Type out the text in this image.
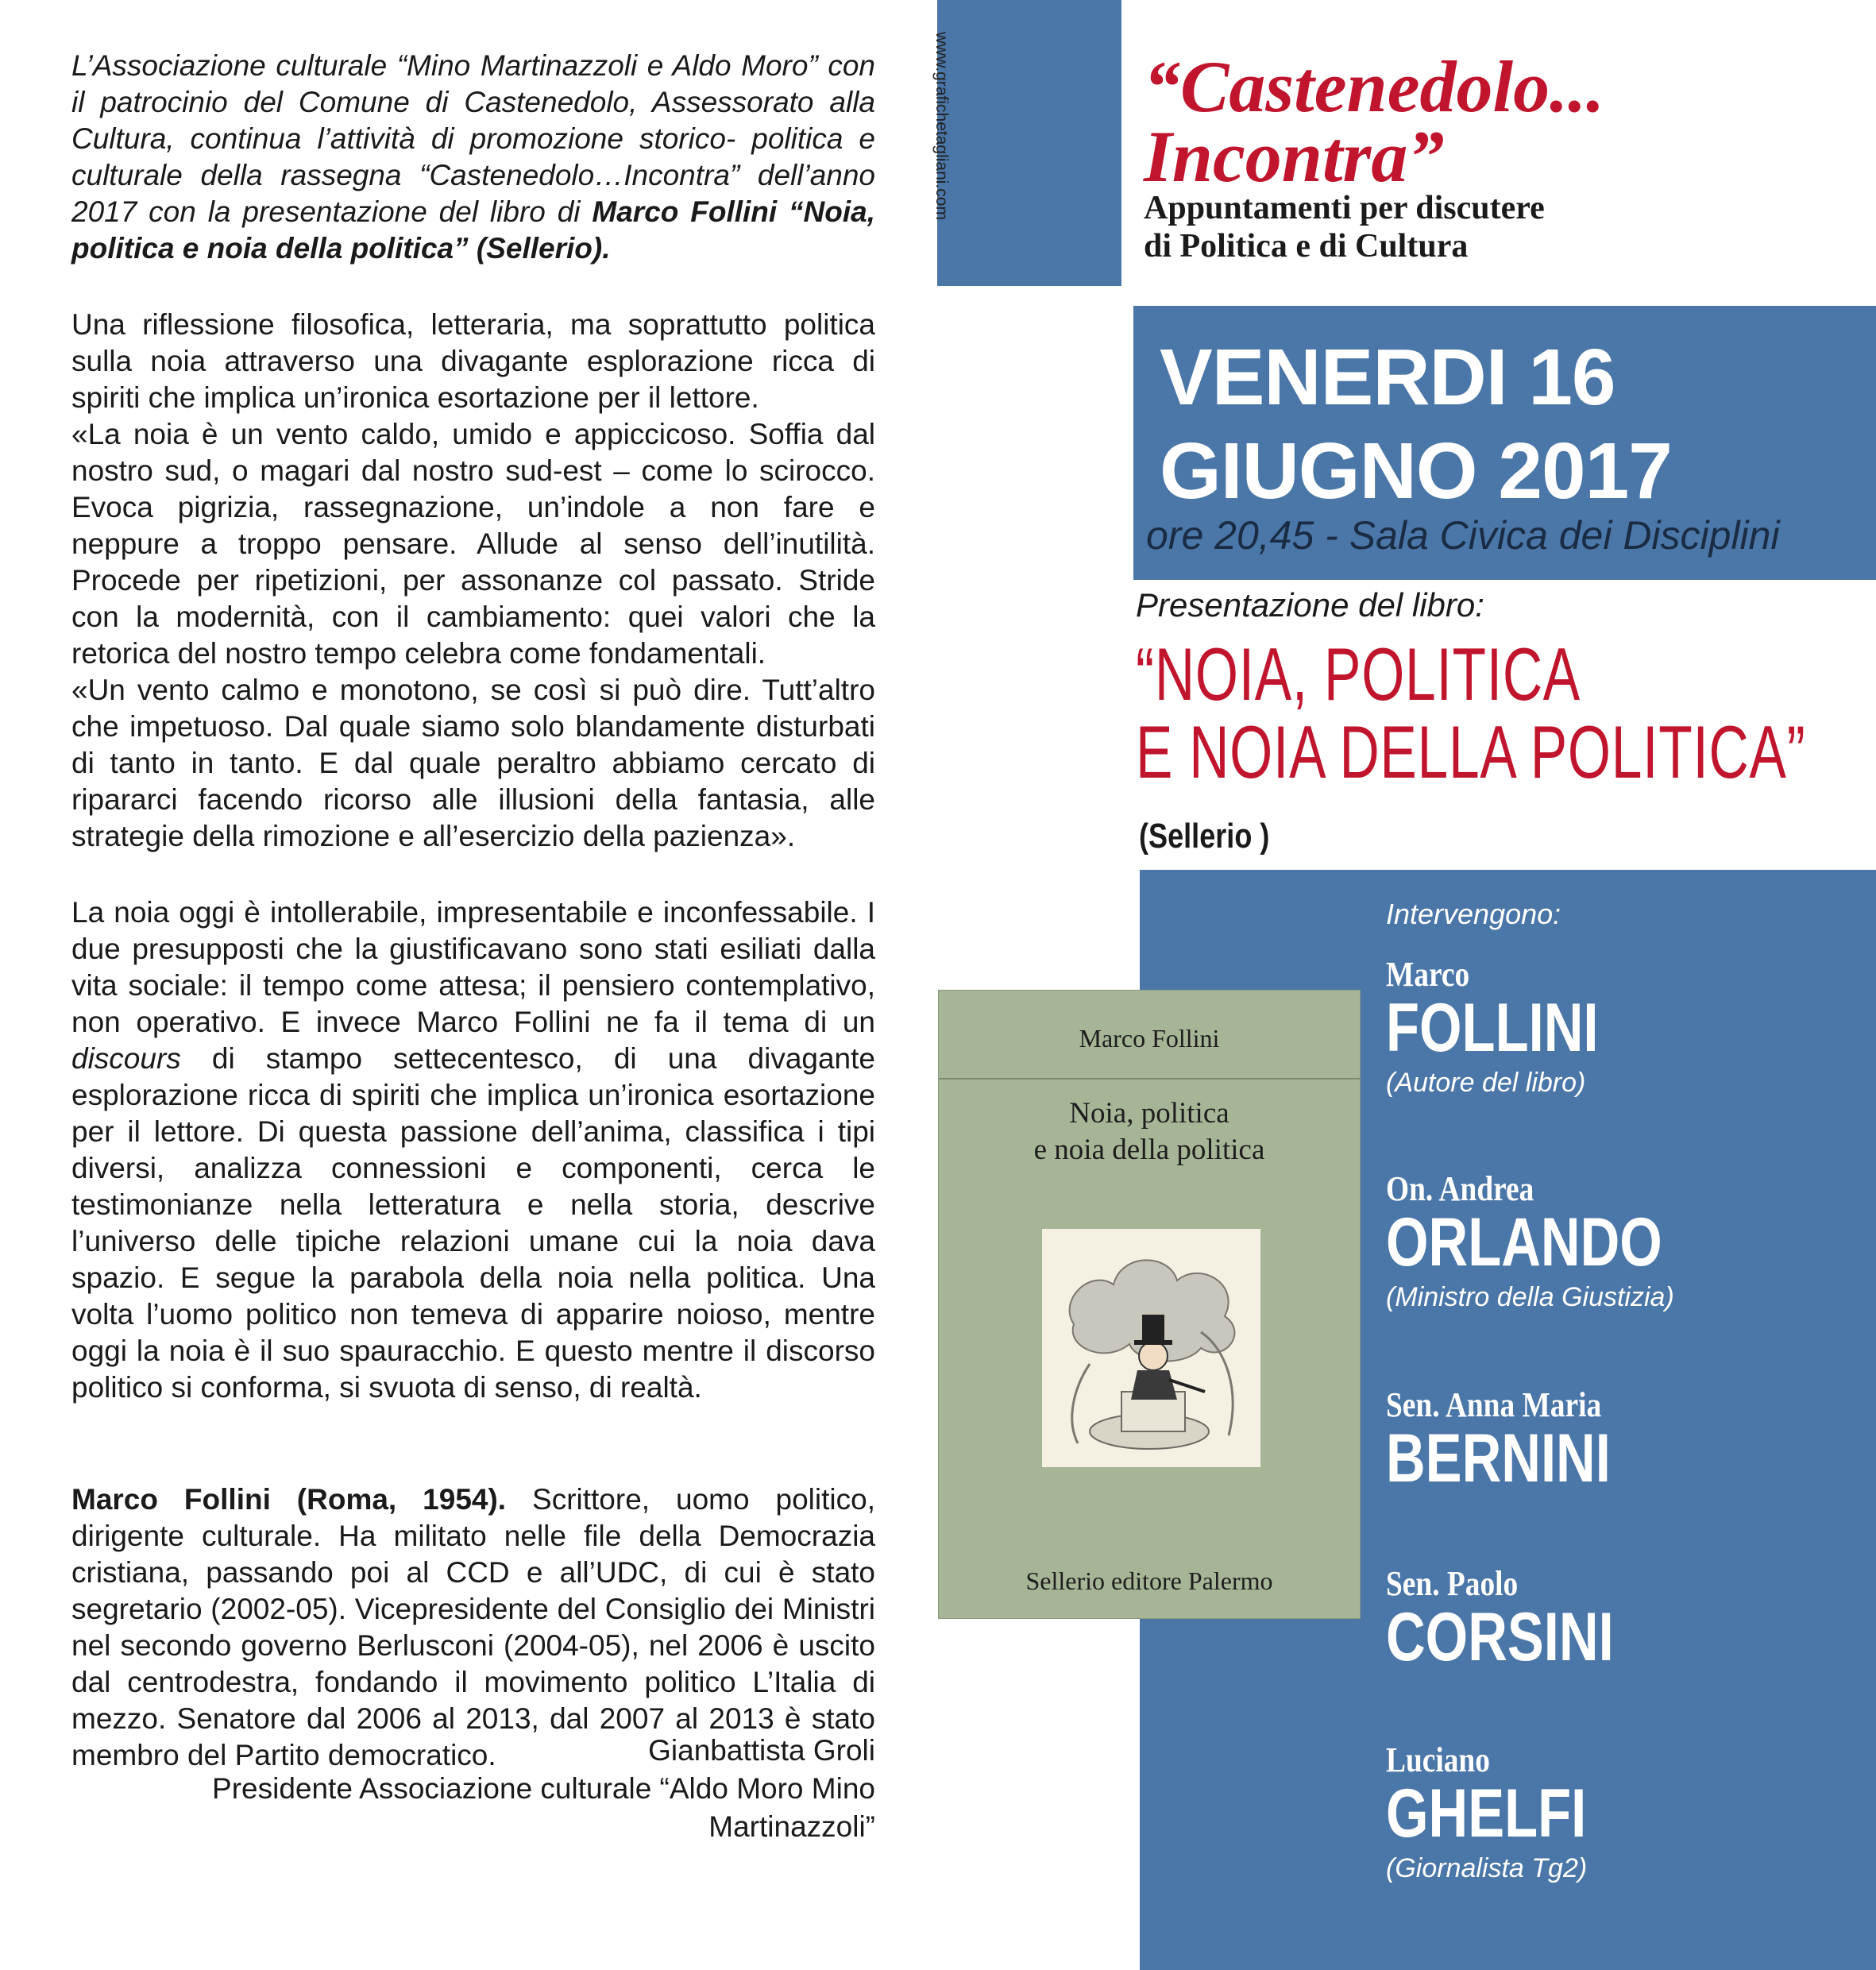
www.grafichetagliani.com

L’Associazione culturale “Mino Martinazzoli e Aldo Moro” con il patrocinio del Comune di Castenedolo, Assessorato alla Cultura, continua l’attività di promozione storico- politica e culturale della rassegna “Castenedolo…Incontra” dell’anno 2017 con la presentazione del libro di Marco Follini “Noia, politica e noia della politica” (Sellerio).

Una riflessione filosofica, letteraria, ma soprattutto politica sulla noia attraverso una divagante esplorazione ricca di spiriti che implica un’ironica esortazione per il lettore.
«La noia è un vento caldo, umido e appiccicoso. Soffia dal nostro sud, o magari dal nostro sud-est – come lo scirocco. Evoca pigrizia, rassegnazione, un’indole a non fare e neppure a troppo pensare. Allude al senso dell’inutilità. Procede per ripetizioni, per assonanze col passato. Stride con la modernità, con il cambiamento: quei valori che la retorica del nostro tempo celebra come fondamentali.
«Un vento calmo e monotono, se così si può dire. Tutt’altro che impetuoso. Dal quale siamo solo blandamente disturbati di tanto in tanto. E dal quale peraltro abbiamo cercato di ripararci facendo ricorso alle illusioni della fantasia, alle strategie della rimozione e all’esercizio della pazienza».

La noia oggi è intollerabile, impresentabile e inconfessabile. I due presupposti che la giustificavano sono stati esiliati dalla vita sociale: il tempo come attesa; il pensiero contemplativo, non operativo. E invece Marco Follini ne fa il tema di un discours di stampo settecentesco, di una divagante esplorazione ricca di spiriti che implica un’ironica esortazione per il lettore. Di questa passione dell’anima, classifica i tipi diversi, analizza connessioni e componenti, cerca le testimonianze nella letteratura e nella storia, descrive l’universo delle tipiche relazioni umane cui la noia dava spazio. E segue la parabola della noia nella politica. Una volta l’uomo politico non temeva di apparire noioso, mentre oggi la noia è il suo spauracchio. E questo mentre il discorso politico si conforma, si svuota di senso, di realtà.

Marco Follini (Roma, 1954). Scrittore, uomo politico, dirigente culturale. Ha militato nelle file della Democrazia cristiana, passando poi al CCD e all’UDC, di cui è stato segretario (2002-05). Vicepresidente del Consiglio dei Ministri nel secondo governo Berlusconi (2004-05), nel 2006 è uscito dal centrodestra, fondando il movimento politico L’Italia di mezzo. Senatore dal 2006 al 2013, dal 2007 al 2013 è stato membro del Partito democratico.	Gianbattista Groli
Presidente Associazione culturale “Aldo Moro Mino Martinazzoli”
“Castenedolo...
Incontra”
Appuntamenti per discutere
di Politica e di Cultura
VENERDI 16
GIUGNO 2017
ore 20,45 - Sala Civica dei Disciplini
Presentazione del libro:
“NOIA, POLITICA
E NOIA DELLA POLITICA”
(Sellerio )
Marco Follini
Noia, politica
e noia della politica
Sellerio editore Palermo
Intervengono:
Marco
FOLLINI
(Autore del libro)
On. Andrea
ORLANDO
(Ministro della Giustizia)
Sen. Anna Maria
BERNINI
Sen. Paolo
CORSINI
Luciano
GHELFI
(Giornalista Tg2)
